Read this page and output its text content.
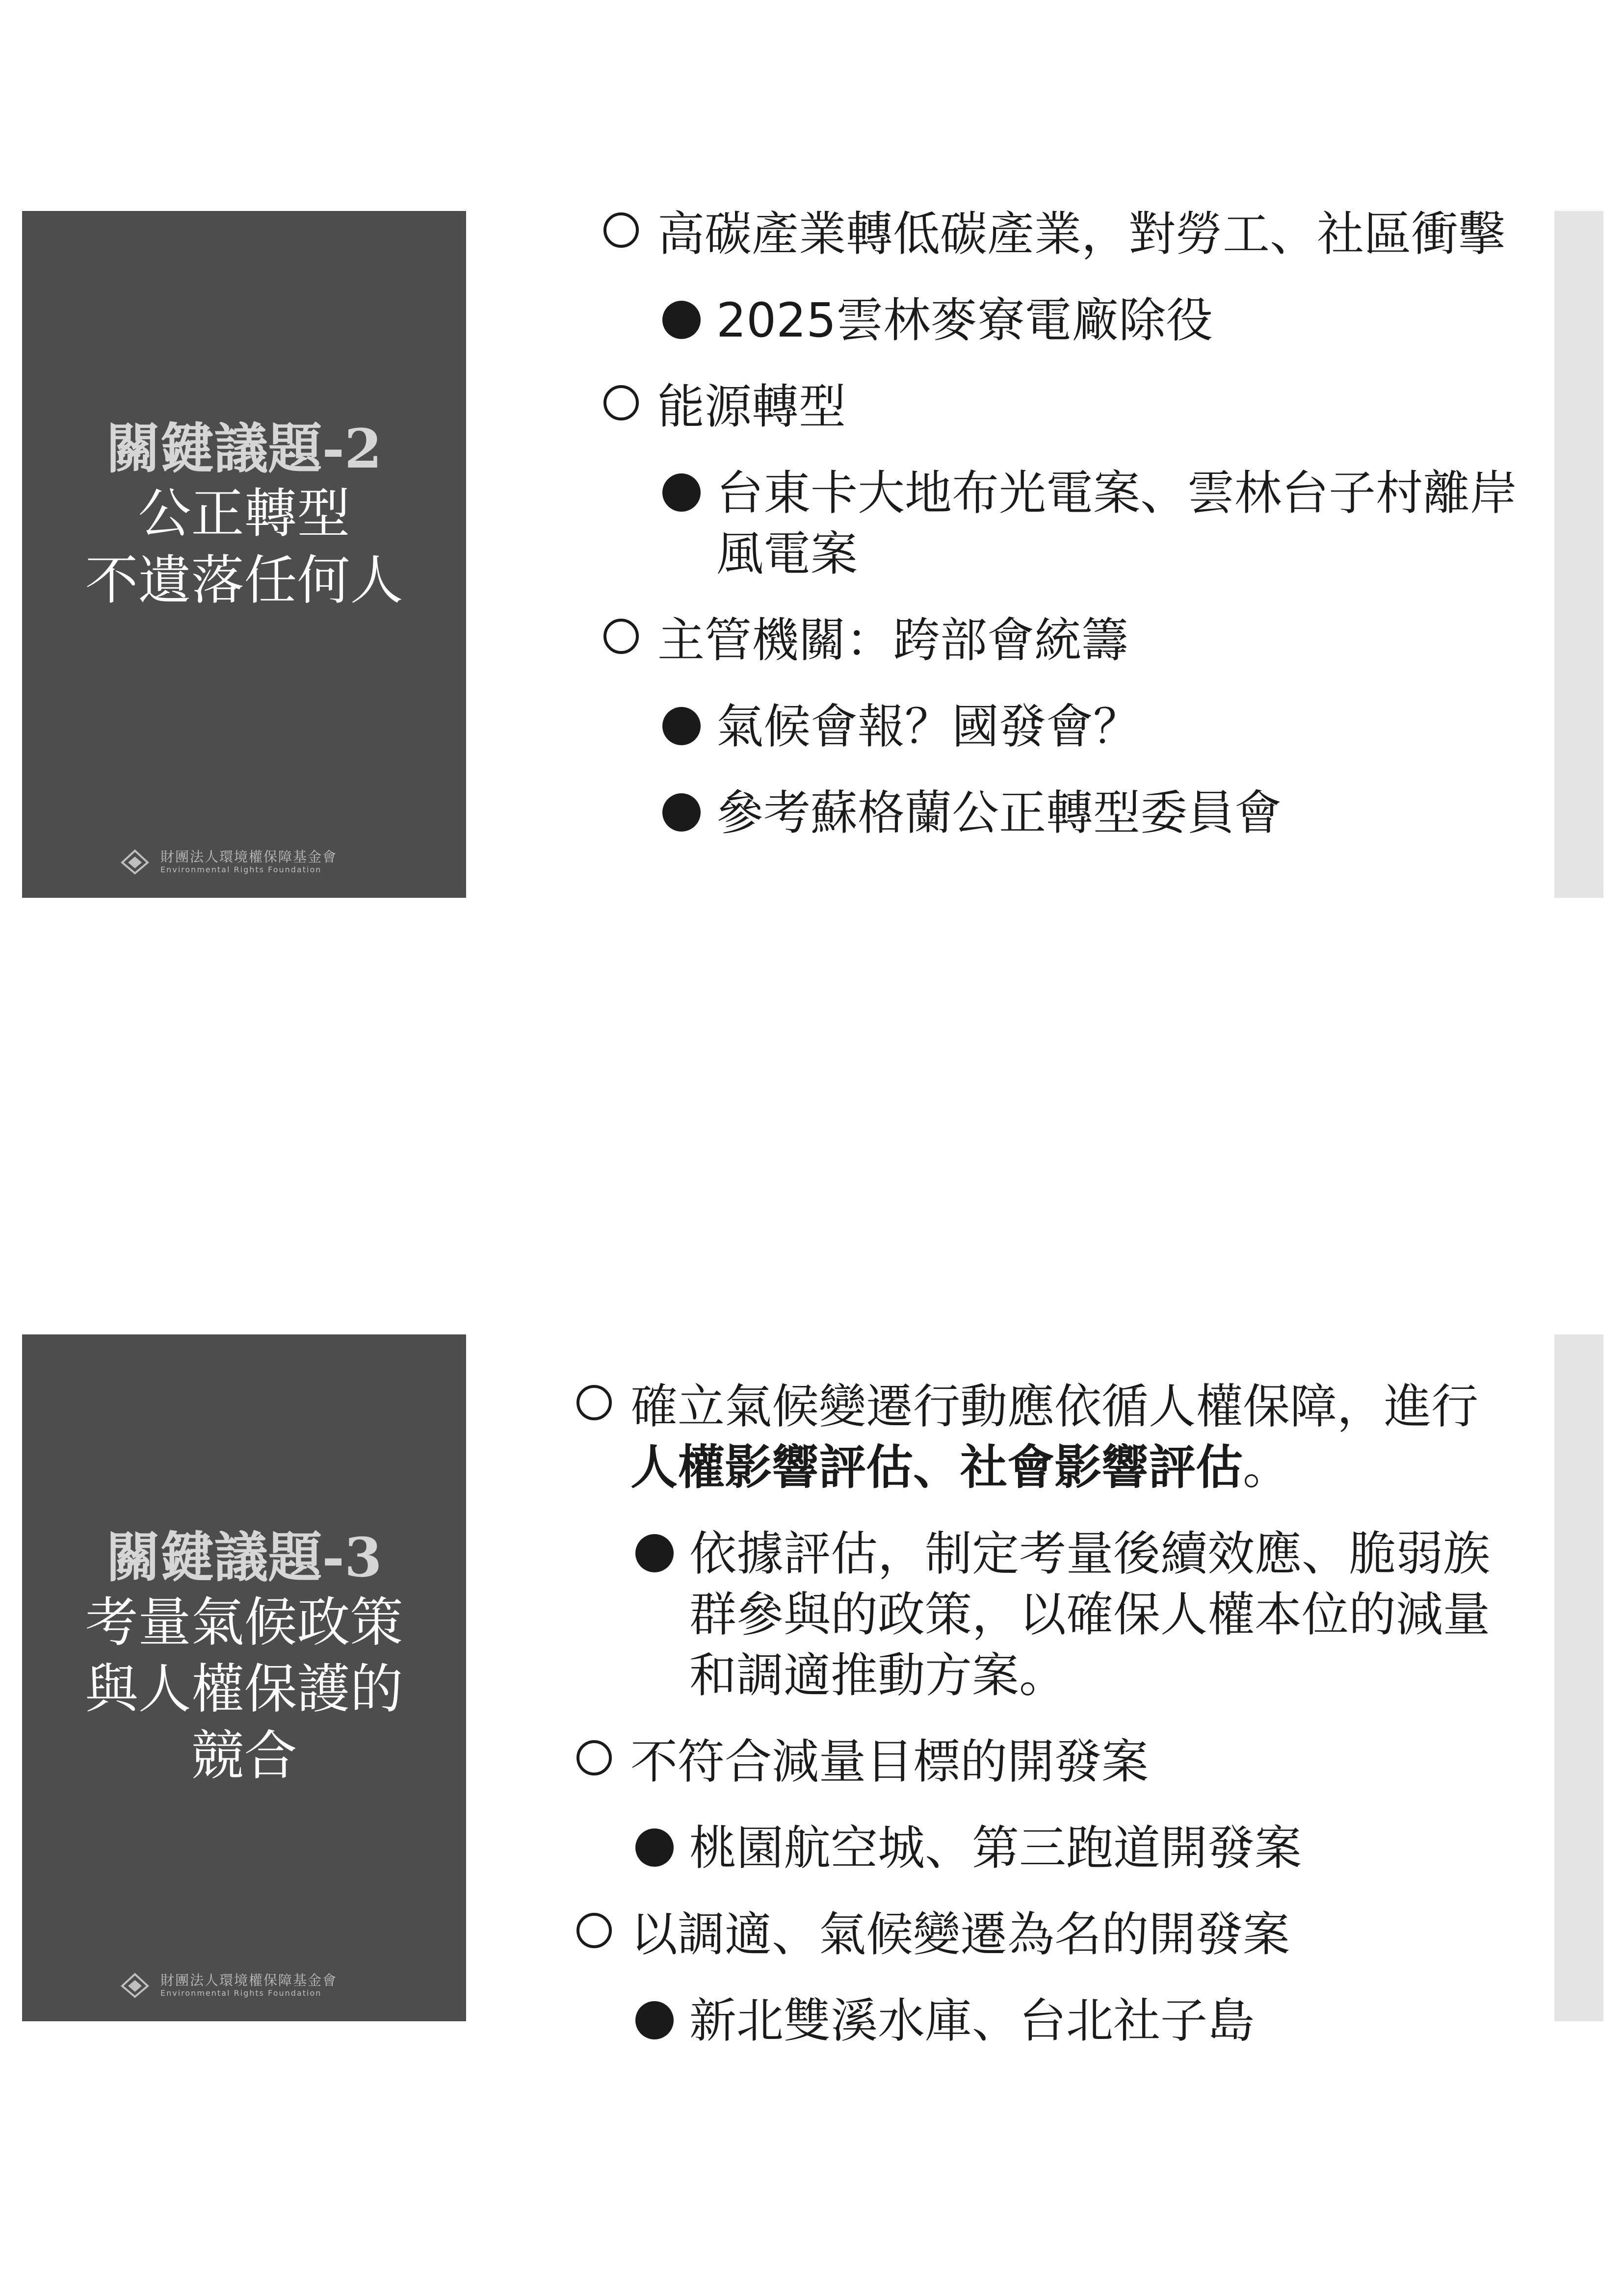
關鍵議題-2
公正轉型
不遺落任何人
財團法人環境權保障基金會
Environmental Rights Foundation
高碳產業轉低碳產業，對勞工、社區衝擊
2025雲林麥寮電廠除役
能源轉型
台東卡大地布光電案、雲林台子村離岸風電案
主管機關：跨部會統籌
氣候會報？國發會？
參考蘇格蘭公正轉型委員會
關鍵議題-3
考量氣候政策
與人權保護的
競合
財團法人環境權保障基金會
Environmental Rights Foundation
確立氣候變遷行動應依循人權保障，進行人權影響評估、社會影響評估。
依據評估，制定考量後續效應、脆弱族群參與的政策，以確保人權本位的減量和調適推動方案。
不符合減量目標的開發案
桃園航空城、第三跑道開發案
以調適、氣候變遷為名的開發案
新北雙溪水庫、台北社子島
